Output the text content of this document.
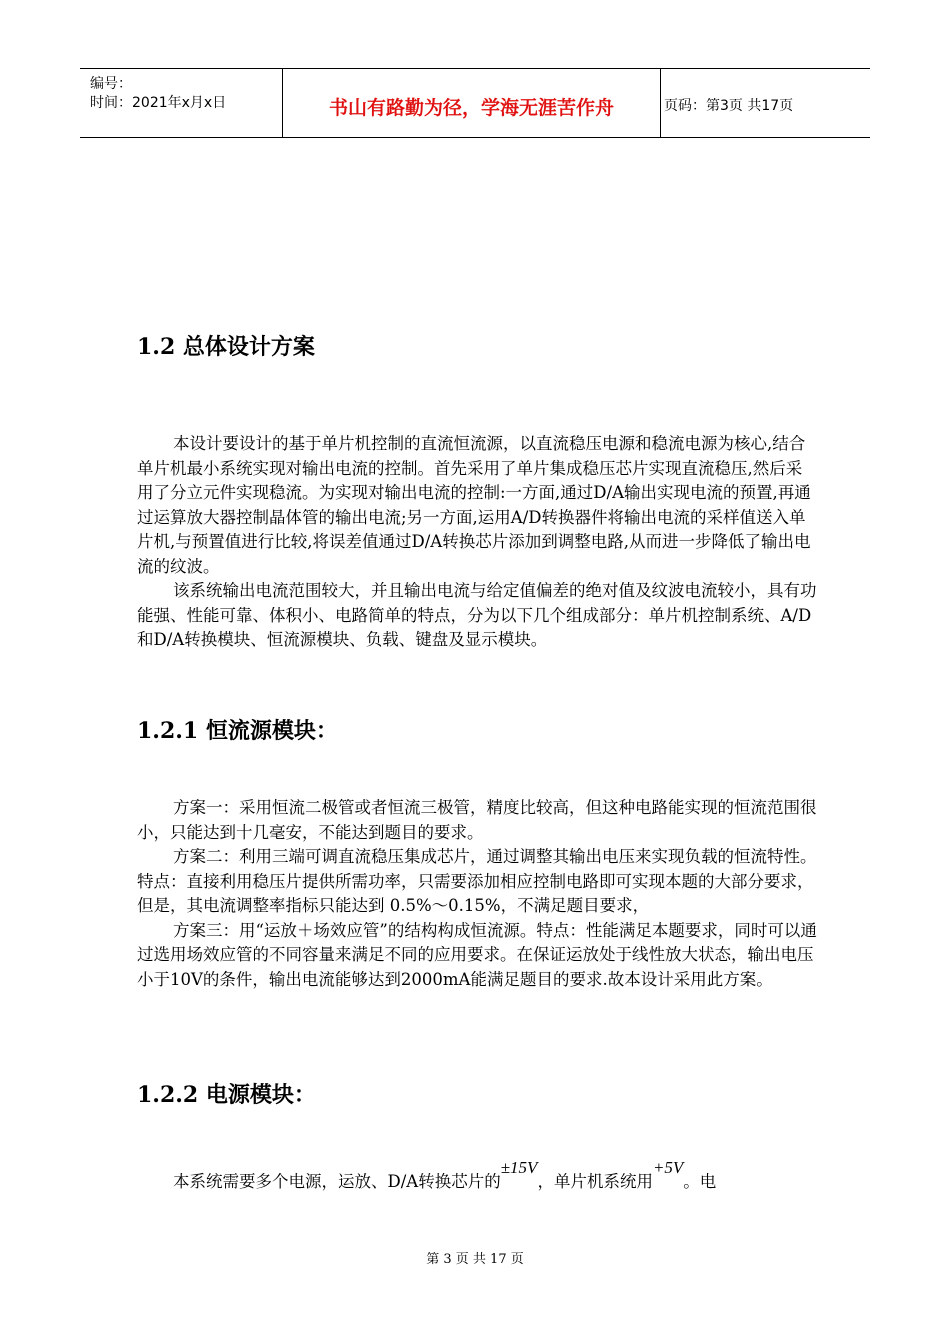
编号：
时间：2021年x月x日	书山有路勤为径，学海无涯苦作舟	页码：第3页 共17页
1.2 总体设计方案

本设计要设计的基于单片机控制的直流恒流源，以直流稳压电源和稳流电源为核心,结合单片机最小系统实现对输出电流的控制。首先采用了单片集成稳压芯片实现直流稳压,然后采用了分立元件实现稳流。为实现对输出电流的控制:一方面,通过D/A输出实现电流的预置,再通过运算放大器控制晶体管的输出电流;另一方面,运用A/D转换器件将输出电流的采样值送入单片机,与预置值进行比较,将误差值通过D/A转换芯片添加到调整电路,从而进一步降低了输出电流的纹波。

该系统输出电流范围较大，并且输出电流与给定值偏差的绝对值及纹波电流较小，具有功能强、性能可靠、体积小、电路简单的特点，分为以下几个组成部分：单片机控制系统、A/D和D/A转换模块、恒流源模块、负载、键盘及显示模块。

1.2.1 恒流源模块：

方案一：采用恒流二极管或者恒流三极管，精度比较高，但这种电路能实现的恒流范围很小，只能达到十几毫安，不能达到题目的要求。

方案二：利用三端可调直流稳压集成芯片，通过调整其输出电压来实现负载的恒流特性。特点：直接利用稳压片提供所需功率，只需要添加相应控制电路即可实现本题的大部分要求，但是，其电流调整率指标只能达到 0.5%～0.15%，不满足题目要求，

方案三：用“运放＋场效应管”的结构构成恒流源。特点：性能满足本题要求，同时可以通过选用场效应管的不同容量来满足不同的应用要求。在保证运放处于线性放大状态，输出电压小于10V的条件，输出电流能够达到2000mA能满足题目的要求.故本设计采用此方案。

1.2.2 电源模块：

本系统需要多个电源，运放、D/A转换芯片的±15V，单片机系统用+5V。电

第 3 页 共 17 页
